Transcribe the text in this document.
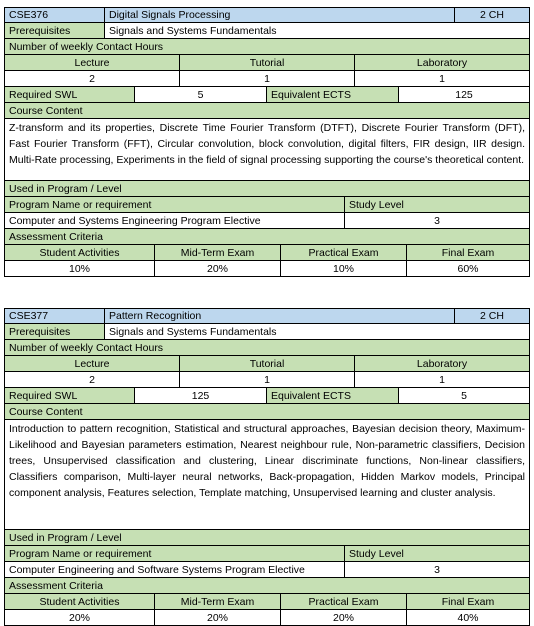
CSE376	Digital Signals Processing	2 CH
Prerequisites	Signals and Systems Fundamentals
Number of weekly Contact Hours
Lecture	Tutorial	Laboratory
2	1	1
Required SWL	5	Equivalent ECTS	125
Course Content
Z-transform and its properties, Discrete Time Fourier Transform (DTFT), Discrete Fourier Transform (DFT), Fast Fourier Transform (FFT), Circular convolution, block convolution, digital filters, FIR design, IIR design. Multi-Rate processing, Experiments in the field of signal processing supporting the course's theoretical content.
Used in Program / Level
Program Name or requirement	Study Level
Computer and Systems Engineering Program Elective	3
Assessment Criteria
Student Activities	Mid-Term Exam	Practical Exam	Final Exam
10%	20%	10%	60%
CSE377	Pattern Recognition	2 CH
Prerequisites	Signals and Systems Fundamentals
Number of weekly Contact Hours
Lecture	Tutorial	Laboratory
2	1	1
Required SWL	125	Equivalent ECTS	5
Course Content
Introduction to pattern recognition, Statistical and structural approaches, Bayesian decision theory, Maximum-Likelihood and Bayesian parameters estimation, Nearest neighbour rule, Non-parametric classifiers, Decision trees, Unsupervised classification and clustering, Linear discriminate functions, Non-linear classifiers, Classifiers comparison, Multi-layer neural networks, Back-propagation, Hidden Markov models, Principal component analysis, Features selection, Template matching, Unsupervised learning and cluster analysis.
Used in Program / Level
Program Name or requirement	Study Level
Computer Engineering and Software Systems Program Elective	3
Assessment Criteria
Student Activities	Mid-Term Exam	Practical Exam	Final Exam
20%	20%	20%	40%
